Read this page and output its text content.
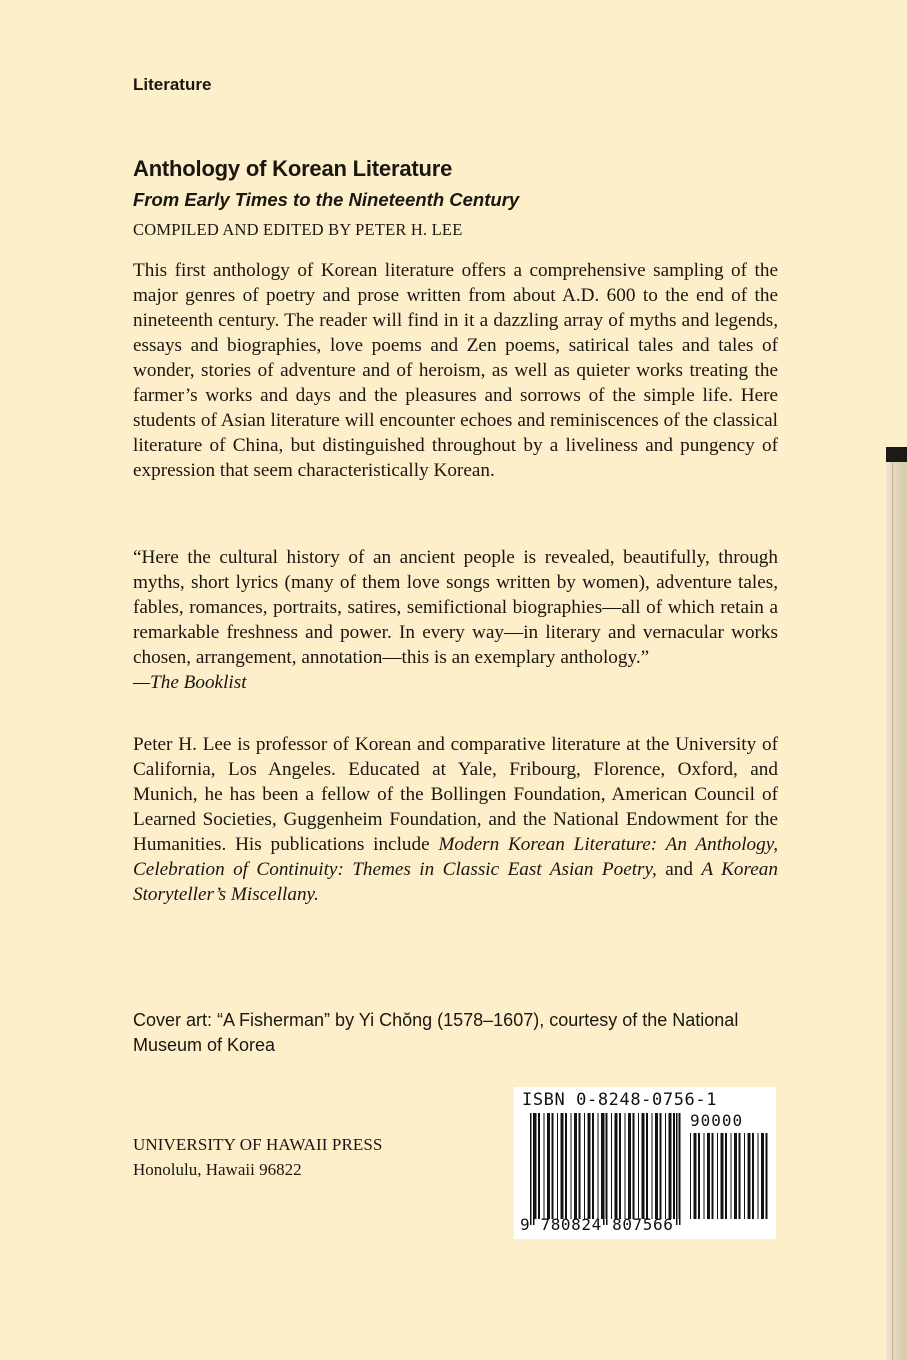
Literature
Anthology of Korean Literature
From Early Times to the Nineteenth Century
COMPILED AND EDITED BY PETER H. LEE
This first anthology of Korean literature offers a comprehensive sampling of the major genres of poetry and prose written from about A.D. 600 to the end of the nineteenth century. The reader will find in it a dazzling array of myths and legends, essays and biographies, love poems and Zen poems, satirical tales and tales of wonder, stories of adventure and of heroism, as well as quieter works treating the farmer’s works and days and the pleasures and sorrows of the simple life. Here students of Asian literature will encounter echoes and reminiscences of the classical literature of China, but distinguished throughout by a liveliness and pungency of expression that seem characteristically Korean.
“Here the cultural history of an ancient people is revealed, beautifully, through myths, short lyrics (many of them love songs written by women), adventure tales, fables, romances, portraits, satires, semifictional biographies—all of which retain a remarkable freshness and power. In every way—in literary and vernacular works chosen, arrangement, annotation—this is an exemplary anthology.”
—The Booklist
Peter H. Lee is professor of Korean and comparative literature at the University of California, Los Angeles. Educated at Yale, Fribourg, Florence, Oxford, and Munich, he has been a fellow of the Bollingen Foundation, American Council of Learned Societies, Guggenheim Foundation, and the National Endowment for the Humanities. His publications include Modern Korean Literature: An Anthology, Celebration of Continuity: Themes in Classic East Asian Poetry, and A Korean Storyteller’s Miscellany.
Cover art: “A Fisherman” by Yi Chŏng (1578–1607), courtesy of the National Museum of Korea
UNIVERSITY OF HAWAII PRESS
Honolulu, Hawaii 96822
ISBN 0-8248-0756-1
90000
9 780824 807566
